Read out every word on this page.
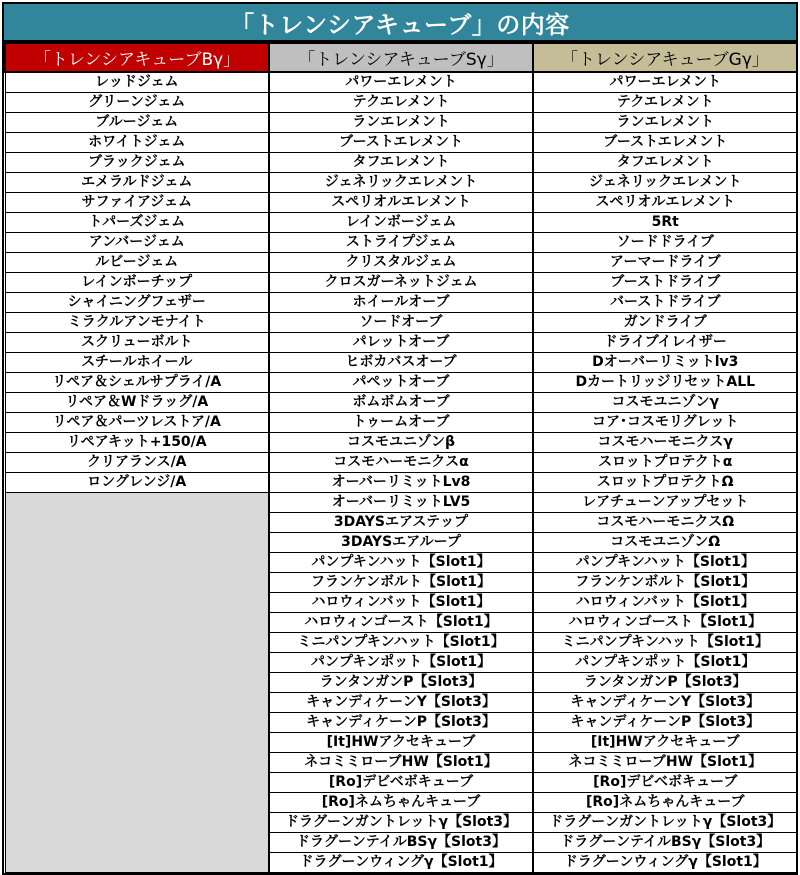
「トレンシアキューブ」の内容
「トレンシアキューブBγ」	「トレンシアキューブSγ」	「トレンシアキューブGγ」
レッドジェム	パワーエレメント	パワーエレメント
グリーンジェム	テクエレメント	テクエレメント
ブルージェム	ランエレメント	ランエレメント
ホワイトジェム	ブーストエレメント	ブーストエレメント
ブラックジェム	タフエレメント	タフエレメント
エメラルドジェム	ジェネリックエレメント	ジェネリックエレメント
サファイアジェム	スペリオルエレメント	スペリオルエレメント
トパーズジェム	レインボージェム	5Rt
アンバージェム	ストライプジェム	ソードドライブ
ルビージェム	クリスタルジェム	アーマードライブ
レインボーチップ	クロスガーネットジェム	ブーストドライブ
シャイニングフェザー	ホイールオーブ	バーストドライブ
ミラクルアンモナイト	ソードオーブ	ガンドライブ
スクリューボルト	パレットオーブ	ドライブイレイザー
スチールホイール	ヒボカバスオーブ	Dオーバーリミットlv3
リペア＆シェルサプライ/A	パペットオーブ	DカートリッジリセットALL
リペア＆Wドラッグ/A	ボムボムオーブ	コスモユニゾンγ
リペア＆パーツレストア/A	トゥームオーブ	コア･コスモリグレット
リペアキット+150/A	コスモユニゾンβ	コスモハーモニクスγ
クリアランス/A	コスモハーモニクスα	スロットプロテクトα
ロングレンジ/A	オーバーリミットLv8	スロットプロテクトΩ
	オーバーリミットLV5	レアチューンアップセット
	3DAYSエアステップ	コスモハーモニクスΩ
	3DAYSエアループ	コスモユニゾンΩ
	パンプキンハット【Slot1】	パンプキンハット【Slot1】
	フランケンボルト【Slot1】	フランケンボルト【Slot1】
	ハロウィンバット【Slot1】	ハロウィンバット【Slot1】
	ハロウィンゴースト【Slot1】	ハロウィンゴースト【Slot1】
	ミニパンプキンハット【Slot1】	ミニパンプキンハット【Slot1】
	パンプキンポット【Slot1】	パンプキンポット【Slot1】
	ランタンガンP【Slot3】	ランタンガンP【Slot3】
	キャンディケーンY【Slot3】	キャンディケーンY【Slot3】
	キャンディケーンP【Slot3】	キャンディケーンP【Slot3】
	[It]HWアクセキューブ	[It]HWアクセキューブ
	ネコミミローブHW【Slot1】	ネコミミローブHW【Slot1】
	[Ro]デビベボキューブ	[Ro]デビベボキューブ
	[Ro]ネムちゃんキューブ	[Ro]ネムちゃんキューブ
	ドラグーンガントレットγ【Slot3】	ドラグーンガントレットγ【Slot3】
	ドラグーンテイルBSγ【Slot3】	ドラグーンテイルBSγ【Slot3】
	ドラグーンウィングγ【Slot1】	ドラグーンウィングγ【Slot1】
